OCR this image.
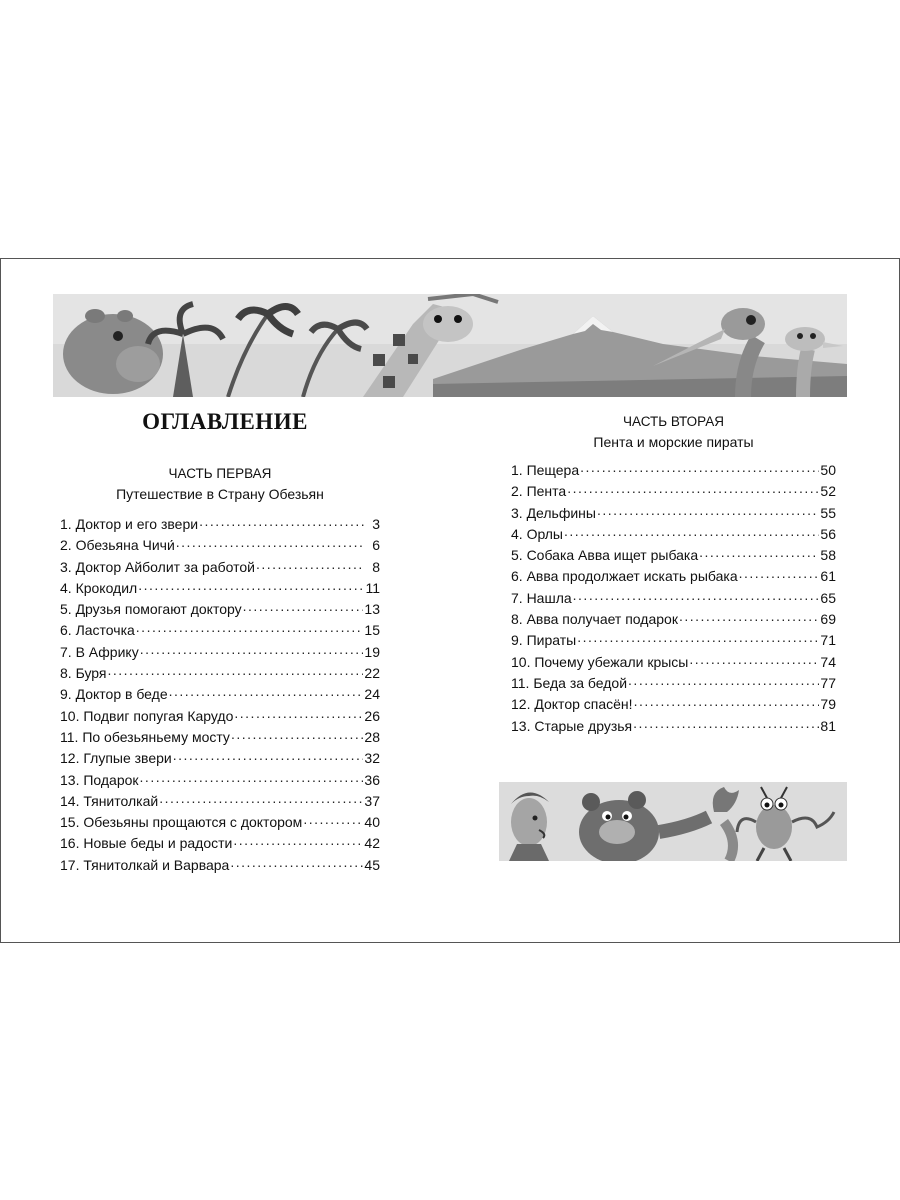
ОГЛАВЛЕНИЕ
ЧАСТЬ ПЕРВАЯ
Путешествие в Страну Обезьян
1. Доктор и его звери .....	3
2. Обезьяна Чичи́ .....	6
3. Доктор Айболит за работой .....	8
4. Крокодил .....	11
5. Друзья помогают доктору .....	13
6. Ласточка .....	15
7. В Африку .....	19
8. Буря .....	22
9. Доктор в беде .....	24
10. Подвиг попугая Карудо .....	26
11. По обезьяньему мосту .....	28
12. Глупые звери .....	32
13. Подарок .....	36
14. Тянитолкай .....	37
15. Обезьяны прощаются с доктором .....	40
16. Новые беды и радости .....	42
17. Тянитолкай и Варвара .....	45
ЧАСТЬ ВТОРАЯ
Пента и морские пираты
1. Пещера .....	50
2. Пента .....	52
3. Дельфины .....	55
4. Орлы .....	56
5. Собака Авва ищет рыбака .....	58
6. Авва продолжает искать рыбака .....	61
7. Нашла .....	65
8. Авва получает подарок .....	69
9. Пираты .....	71
10. Почему убежали крысы .....	74
11. Беда за бедой .....	77
12. Доктор спасён! .....	79
13. Старые друзья .....	81
